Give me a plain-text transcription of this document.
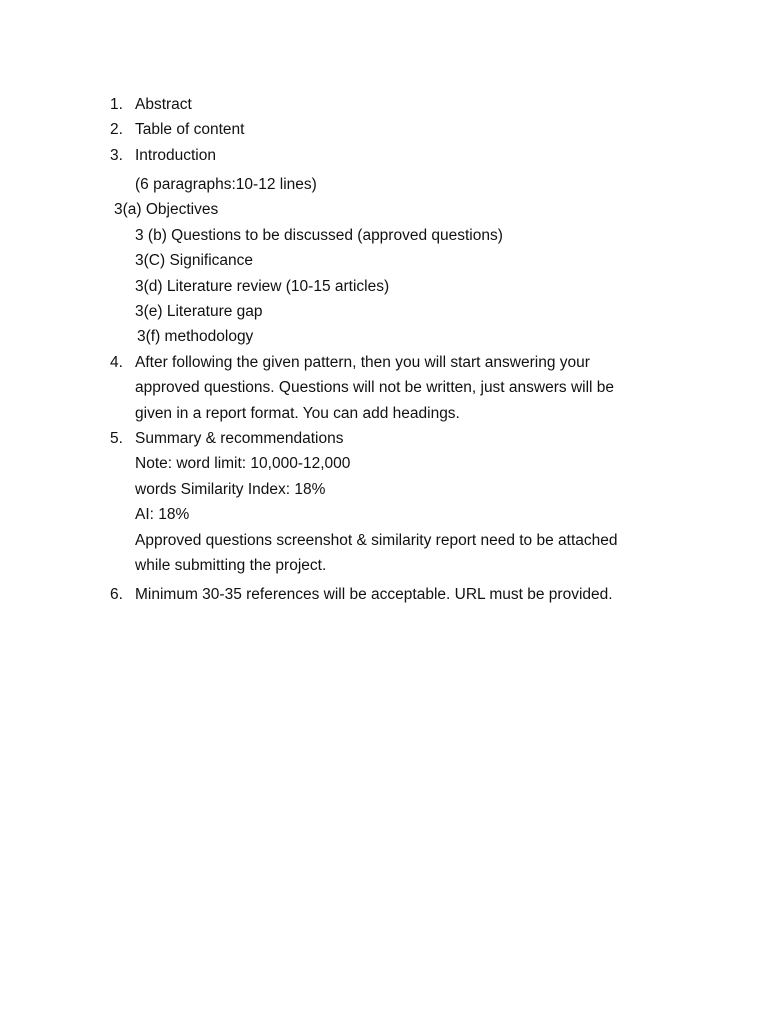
1. Abstract
2. Table of content
3. Introduction
(6 paragraphs:10-12 lines)
3(a) Objectives
3 (b) Questions to be discussed (approved questions)
3(C) Significance
3(d) Literature review (10-15 articles)
3(e) Literature gap
3(f) methodology
4. After following the given pattern, then you will start answering your
approved questions. Questions will not be written, just answers will be
given in a report format. You can add headings.
5. Summary & recommendations
Note: word limit: 10,000-12,000
words Similarity Index: 18%
AI: 18%
Approved questions screenshot & similarity report need to be attached
while submitting the project.
6. Minimum 30-35 references will be acceptable. URL must be provided.
